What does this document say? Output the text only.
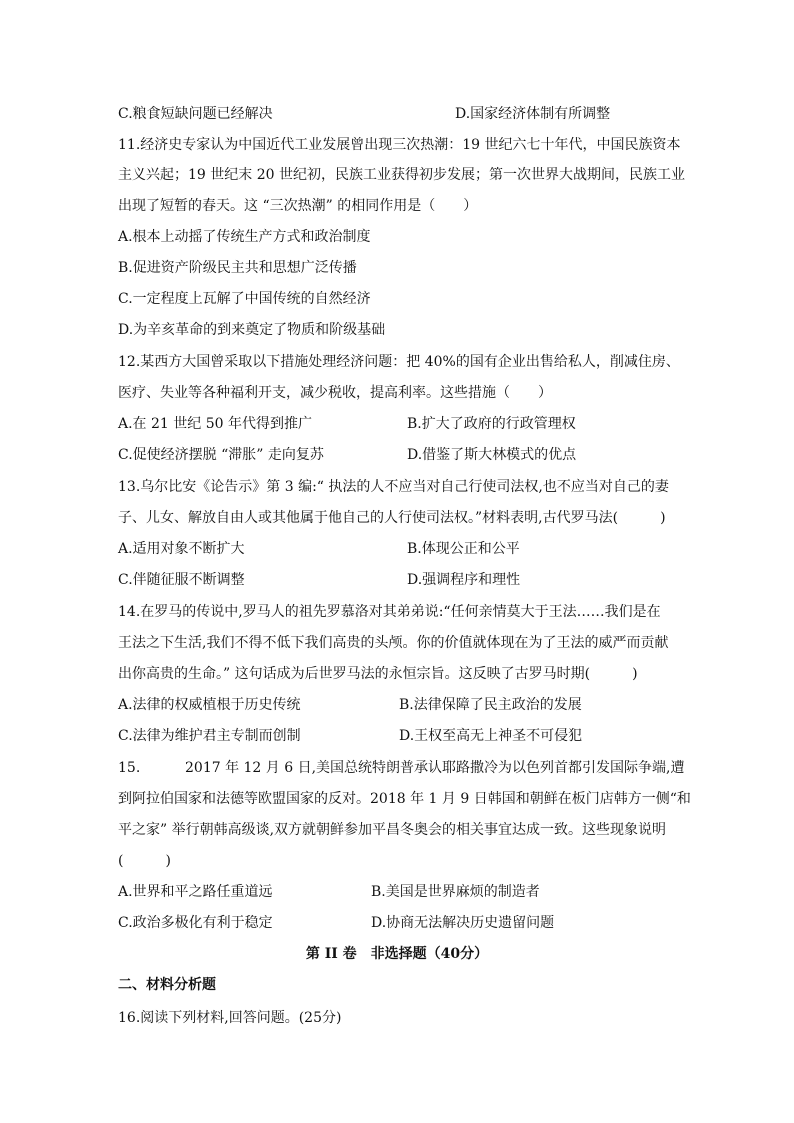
C.粮食短缺问题已经解决	D.国家经济体制有所调整
11.经济史专家认为中国近代工业发展曾出现三次热潮：19 世纪六七十年代，中国民族资本
主义兴起；19 世纪末 20 世纪初，民族工业获得初步发展；第一次世界大战期间，民族工业
出现了短暂的春天。这 “三次热潮” 的相同作用是（　　）
A.根本上动摇了传统生产方式和政治制度
B.促进资产阶级民主共和思想广泛传播
C.一定程度上瓦解了中国传统的自然经济
D.为辛亥革命的到来奠定了物质和阶级基础
12.某西方大国曾采取以下措施处理经济问题：把 40%的国有企业出售给私人，削减住房、
医疗、失业等各种福利开支，减少税收，提高利率。这些措施（　　）
A.在 21 世纪 50 年代得到推广	B.扩大了政府的行政管理权
C.促使经济摆脱 “滞胀” 走向复苏	D.借鉴了斯大林模式的优点
13.乌尔比安《论告示》第 3 编:“ 执法的人不应当对自己行使司法权,也不应当对自己的妻
子、儿女、解放自由人或其他属于他自己的人行使司法权。”材料表明,古代罗马法(　　　)
A.适用对象不断扩大	B.体现公正和公平
C.伴随征服不断调整	D.强调程序和理性
14.在罗马的传说中,罗马人的祖先罗慕洛对其弟弟说:“任何亲情莫大于王法……我们是在
王法之下生活,我们不得不低下我们高贵的头颅。你的价值就体现在为了王法的威严而贡献
出你高贵的生命。” 这句话成为后世罗马法的永恒宗旨。这反映了古罗马时期(　　　)
A.法律的权威植根于历史传统	B.法律保障了民主政治的发展
C.法律为维护君主专制而创制	D.王权至高无上神圣不可侵犯
15.	2017 年 12 月 6 日,美国总统特朗普承认耶路撒冷为以色列首都引发国际争端,遭
到阿拉伯国家和法德等欧盟国家的反对。2018 年 1 月 9 日韩国和朝鲜在板门店韩方一侧“和
平之家” 举行朝韩高级谈,双方就朝鲜参加平昌冬奥会的相关事宜达成一致。这些现象说明
(　　　)
A.世界和平之路任重道远	B.美国是世界麻烦的制造者
C.政治多极化有利于稳定	D.协商无法解决历史遗留问题
第 II 卷　非选择题（40分）
二、材料分析题
16.阅读下列材料,回答问题。(25分)
